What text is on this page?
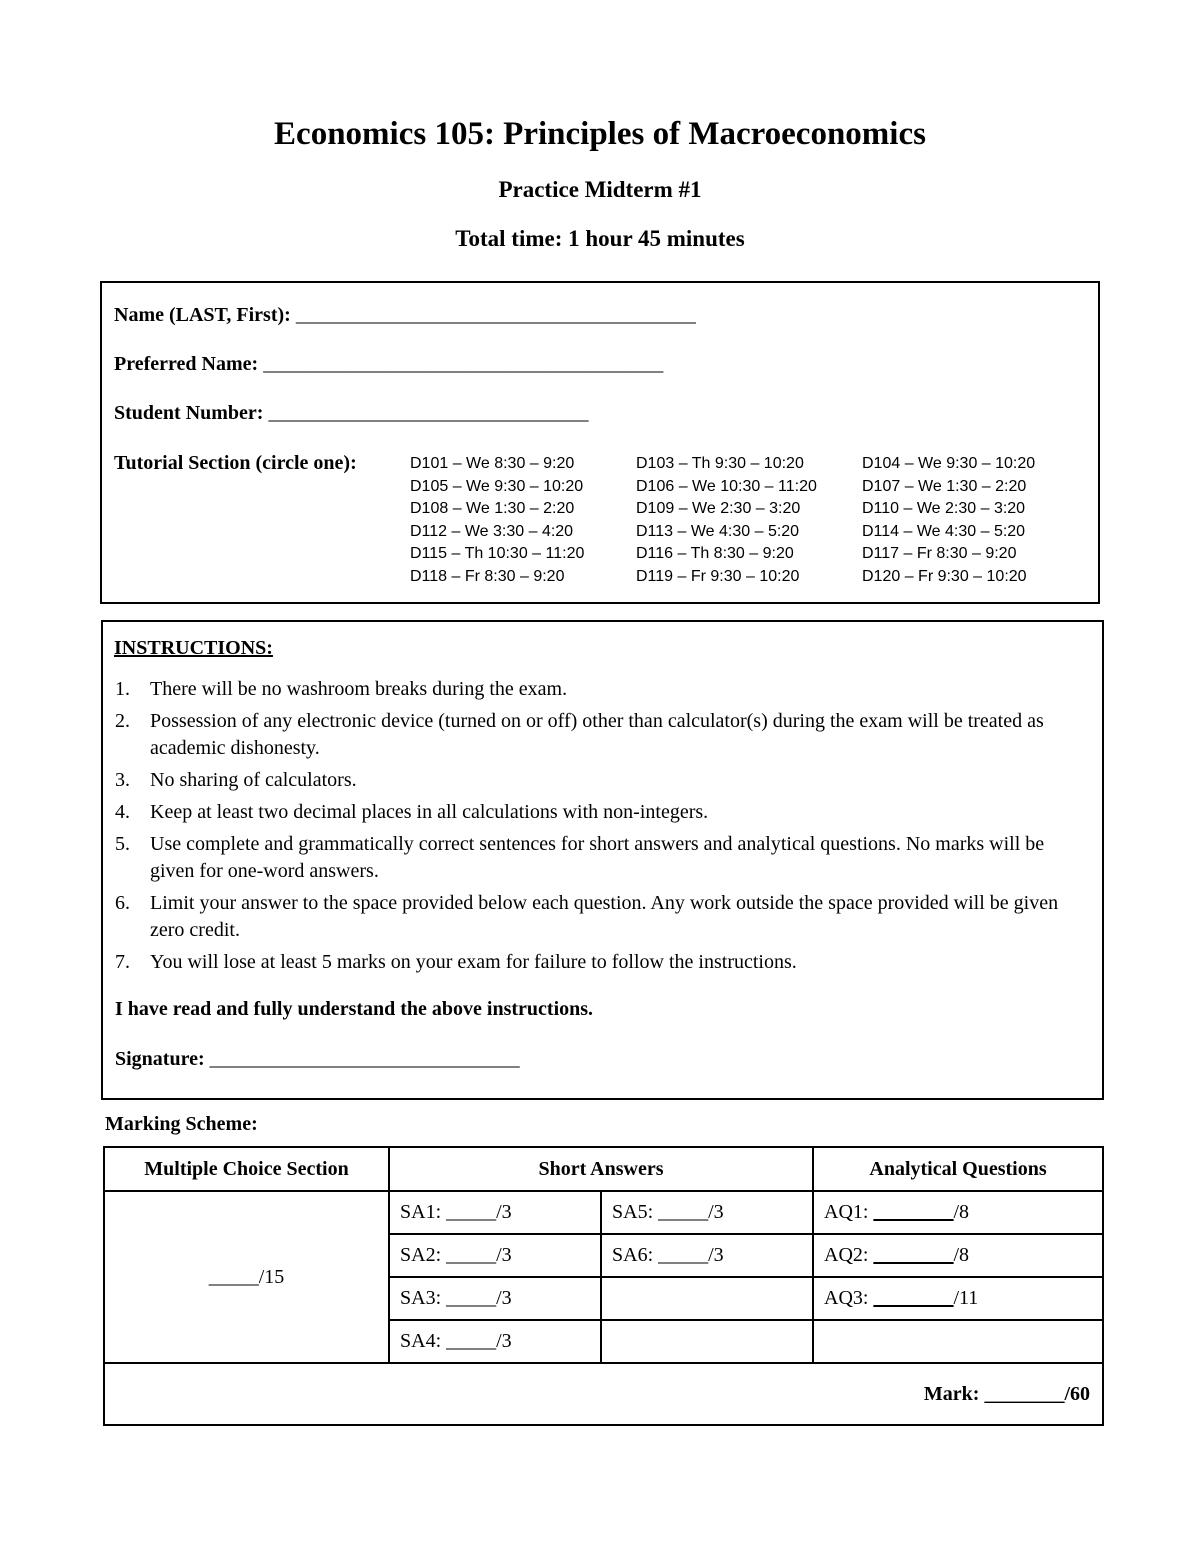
Economics 105: Principles of Macroeconomics
Practice Midterm #1
Total time: 1 hour 45 minutes
Name (LAST, First): ________________________________________
Preferred Name: ________________________________________
Student Number: ________________________________
Tutorial Section (circle one):	D101 – We 8:30 – 9:20	D103 – Th 9:30 – 10:20	D104 – We 9:30 – 10:20
D105 – We 9:30 – 10:20	D106 – We 10:30 – 11:20	D107 – We 1:30 – 2:20
D108 – We 1:30 – 2:20	D109 – We 2:30 – 3:20	D110 – We 2:30 – 3:20
D112 – We 3:30 – 4:20	D113 – We 4:30 – 5:20	D114 – We 4:30 – 5:20
D115 – Th 10:30 – 11:20	D116 – Th 8:30 – 9:20	D117 – Fr 8:30 – 9:20
D118 – Fr 8:30 – 9:20	D119 – Fr 9:30 – 10:20	D120 – Fr 9:30 – 10:20
INSTRUCTIONS:
1. There will be no washroom breaks during the exam.
2. Possession of any electronic device (turned on or off) other than calculator(s) during the exam will be treated as academic dishonesty.
3. No sharing of calculators.
4. Keep at least two decimal places in all calculations with non-integers.
5. Use complete and grammatically correct sentences for short answers and analytical questions. No marks will be given for one-word answers.
6. Limit your answer to the space provided below each question. Any work outside the space provided will be given zero credit.
7. You will lose at least 5 marks on your exam for failure to follow the instructions.
I have read and fully understand the above instructions.
Signature: _______________________________
Marking Scheme:
Multiple Choice Section	Short Answers		Analytical Questions
_____/15	SA1: _____/3	SA5: _____/3	AQ1: ________/8
	SA2: _____/3	SA6: _____/3	AQ2: ________/8
	SA3: _____/3		AQ3: ________/11
	SA4: _____/3		
Mark: ________/60			
